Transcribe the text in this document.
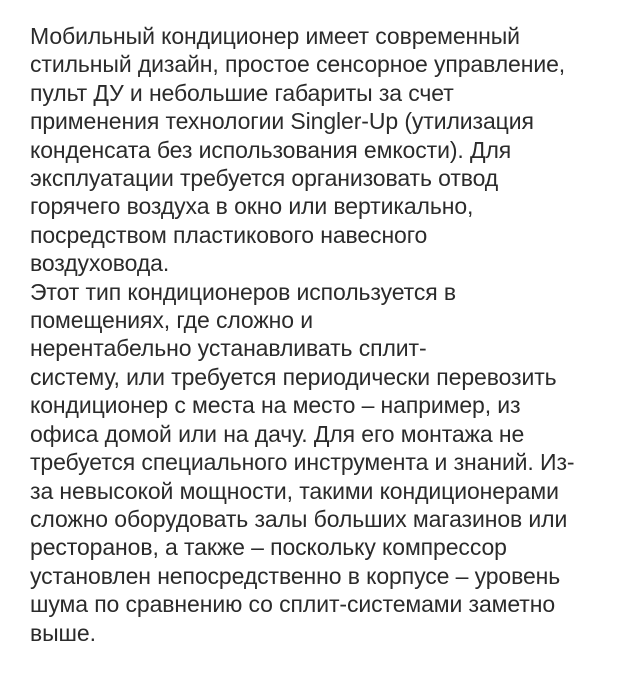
Мобильный кондиционер имеет современный
стильный дизайн, простое сенсорное управление,
пульт ДУ и небольшие габариты за счет
применения технологии Singler-Up (утилизация
конденсата без использования емкости). Для
эксплуатации требуется организовать отвод
горячего воздуха в окно или вертикально,
посредством пластикового навесного
воздуховода.

Этот тип кондиционеров используется в
помещениях, где сложно и
нерентабельно устанавливать сплит-
систему, или требуется периодически перевозить
кондиционер с места на место – например, из
офиса домой или на дачу. Для его монтажа не
требуется специального инструмента и знаний. Из-
за невысокой мощности, такими кондиционерами
сложно оборудовать залы больших магазинов или
ресторанов, а также – поскольку компрессор
установлен непосредственно в корпусе – уровень
шума по сравнению со сплит-системами заметно
выше.
